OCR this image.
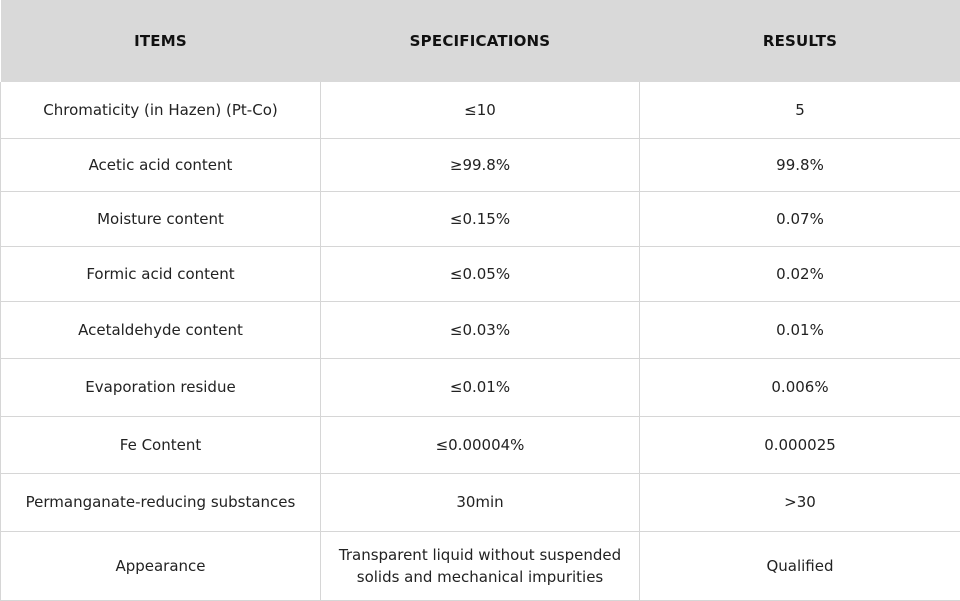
ITEMS	SPECIFICATIONS	RESULTS
Chromaticity (in Hazen) (Pt-Co)	≤10	5
Acetic acid content	≥99.8%	99.8%
Moisture content	≤0.15%	0.07%
Formic acid content	≤0.05%	0.02%
Acetaldehyde content	≤0.03%	0.01%
Evaporation residue	≤0.01%	0.006%
Fe Content	≤0.00004%	0.000025
Permanganate-reducing substances	30min	>30
Appearance	Transparent liquid without suspended solids and mechanical impurities	Qualified
